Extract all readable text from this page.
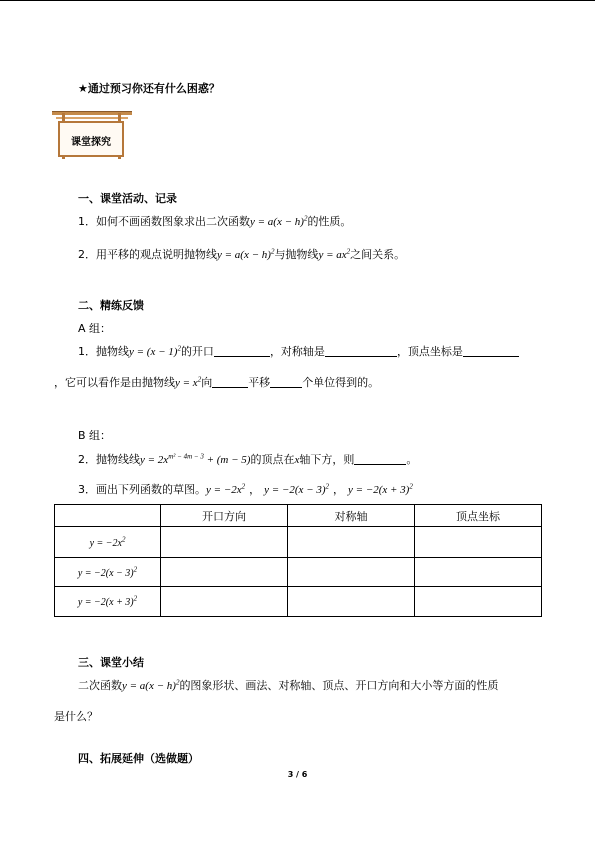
★通过预习你还有什么困惑？
课堂探究
一、课堂活动、记录
1．如何不画函数图象求出二次函数$y = a(x - h)^2$的性质。
2．用平移的观点说明抛物线$y = a(x - h)^2$与抛物线$y = ax^2$之间关系。
二、精练反馈
A 组：
1．抛物线$y = (x - 1)^2$的开口	，对称轴是	，顶点坐标是
，它可以看作是由抛物线$y = x^2$向	平移	个单位得到的。
B 组：
2．抛物线线$y = 2x^{m^2 - 4m - 3} + (m - 5)$的顶点在x轴下方，则	。
3．画出下列函数的草图。$y = -2x^2$ ， $y = -2(x - 3)^2$ ， $y = -2(x + 3)^2$
	开口方向	对称轴	顶点坐标
$y = -2x^2$			
$y = -2(x - 3)^2$			
$y = -2(x + 3)^2$			
三、课堂小结
二次函数$y = a(x - h)^2$的图象形状、画法、对称轴、顶点、开口方向和大小等方面的性质
是什么？
四、拓展延伸（选做题）
3 / 6
